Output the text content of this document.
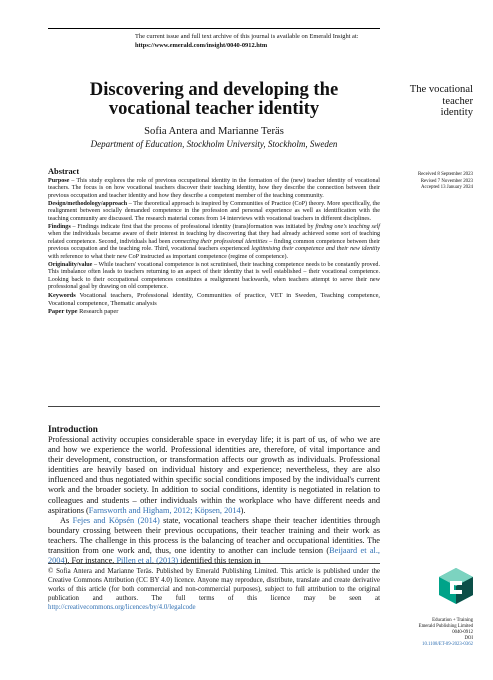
The current issue and full text archive of this journal is available on Emerald Insight at:
https://www.emerald.com/insight/0040-0912.htm
Discovering and developing the
vocational teacher identity
Sofia Antera and Marianne Teräs
Department of Education, Stockholm University, Stockholm, Sweden
The vocational
teacher
identity
Received 8 September 2023
Revised 7 November 2023
Accepted 13 January 2024
Abstract

Purpose – This study explores the role of previous occupational identity in the formation of the (new) teacher identity of vocational teachers. The focus is on how vocational teachers discover their teaching identity, how they describe the connection between their previous occupation and teacher identity and how they describe a competent member of the teaching community.

Design/methodology/approach – The theoretical approach is inspired by Communities of Practice (CoP) theory. More specifically, the realignment between socially demanded competence in the profession and personal experience as well as identification with the teaching community are discussed. The research material comes from 14 interviews with vocational teachers in different disciplines.

Findings – Findings indicate first that the process of professional identity (trans)formation was initiated by finding one's teaching self when the individuals became aware of their interest in teaching by discovering that they had already achieved some sort of teaching related competence. Second, individuals had been connecting their professional identities – finding common competence between their previous occupation and the teaching role. Third, vocational teachers experienced legitimising their competence and their new identity with reference to what their new CoP instructed as important competence (regime of competence).

Originality/value – While teachers' vocational competence is not scrutinised, their teaching competence needs to be constantly proved. This imbalance often leads to teachers returning to an aspect of their identity that is well established – their vocational competence. Looking back to their occupational competences constitutes a realignment backwards, when teachers attempt to serve their new professional goal by drawing on old competence.

Keywords Vocational teachers, Professional identity, Communities of practice, VET in Sweden, Teaching competence, Vocational competence, Thematic analysis

Paper type Research paper

Introduction

Professional activity occupies considerable space in everyday life; it is part of us, of who we are and how we experience the world. Professional identities are, therefore, of vital importance and their development, construction, or transformation affects our growth as individuals. Professional identities are heavily based on individual history and experience; nevertheless, they are also influenced and thus negotiated within specific social conditions imposed by the individual's current work and the broader society. In addition to social conditions, identity is negotiated in relation to colleagues and students – other individuals within the workplace who have different needs and aspirations (Farnsworth and Higham, 2012; Köpsen, 2014).

As Fejes and Köpsén (2014) state, vocational teachers shape their teacher identities through boundary crossing between their previous occupations, their teacher training and their work as teachers. The challenge in this process is the balancing of teacher and occupational identities. The transition from one work and, thus, one identity to another can include tension (Beijaard et al., 2004). For instance, Pillen et al. (2013) identified this tension in

© Sofia Antera and Marianne Teräs. Published by Emerald Publishing Limited. This article is published under the Creative Commons Attribution (CC BY 4.0) licence. Anyone may reproduce, distribute, translate and create derivative works of this article (for both commercial and non-commercial purposes), subject to full attribution to the original publication and authors. The full terms of this licence may be seen at http://creativecommons.org/licences/by/4.0/legalcode
Education + Training
Emerald Publishing Limited
0040-0912
DOI
10.1108/ET-09-2023-0362
